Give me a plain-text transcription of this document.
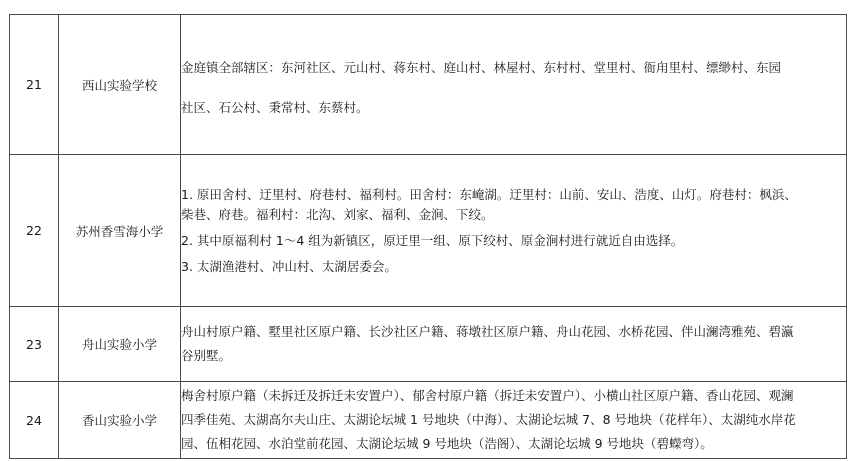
21	西山实验学校	金庭镇全部辖区：东河社区、元山村、蒋东村、庭山村、林屋村、东村村、堂里村、衙甪里村、缥缈村、东园

社区、石公村、秉常村、东蔡村。

22	苏州香雪海小学	1. 原田舍村、迂里村、府巷村、福利村。田舍村：东崦湖。迂里村：山前、安山、浩度、山灯。府巷村：枫浜、

柴巷、府巷。福利村：北沟、刘家、福利、金涧、下绞。

2. 其中原福利村 1～4 组为新镇区，原迂里一组、原下绞村、原金涧村进行就近自由选择。

3. 太湖渔港村、冲山村、太湖居委会。

23	舟山实验小学	舟山村原户籍、墅里社区原户籍、长沙社区户籍、蒋墩社区原户籍、舟山花园、水桥花园、伴山澜湾雅苑、碧瀛

谷别墅。

24	香山实验小学	梅舍村原户籍（未拆迁及拆迁未安置户）、郁舍村原户籍（拆迁未安置户）、小横山社区原户籍、香山花园、观澜

四季佳苑、太湖高尔夫山庄、太湖论坛城 1 号地块（中海）、太湖论坛城 7、8 号地块（花样年）、太湖纯水岸花

园、伍相花园、水泊堂前花园、太湖论坛城 9 号地块（浩阁）、太湖论坛城 9 号地块（碧蠑弯）。
